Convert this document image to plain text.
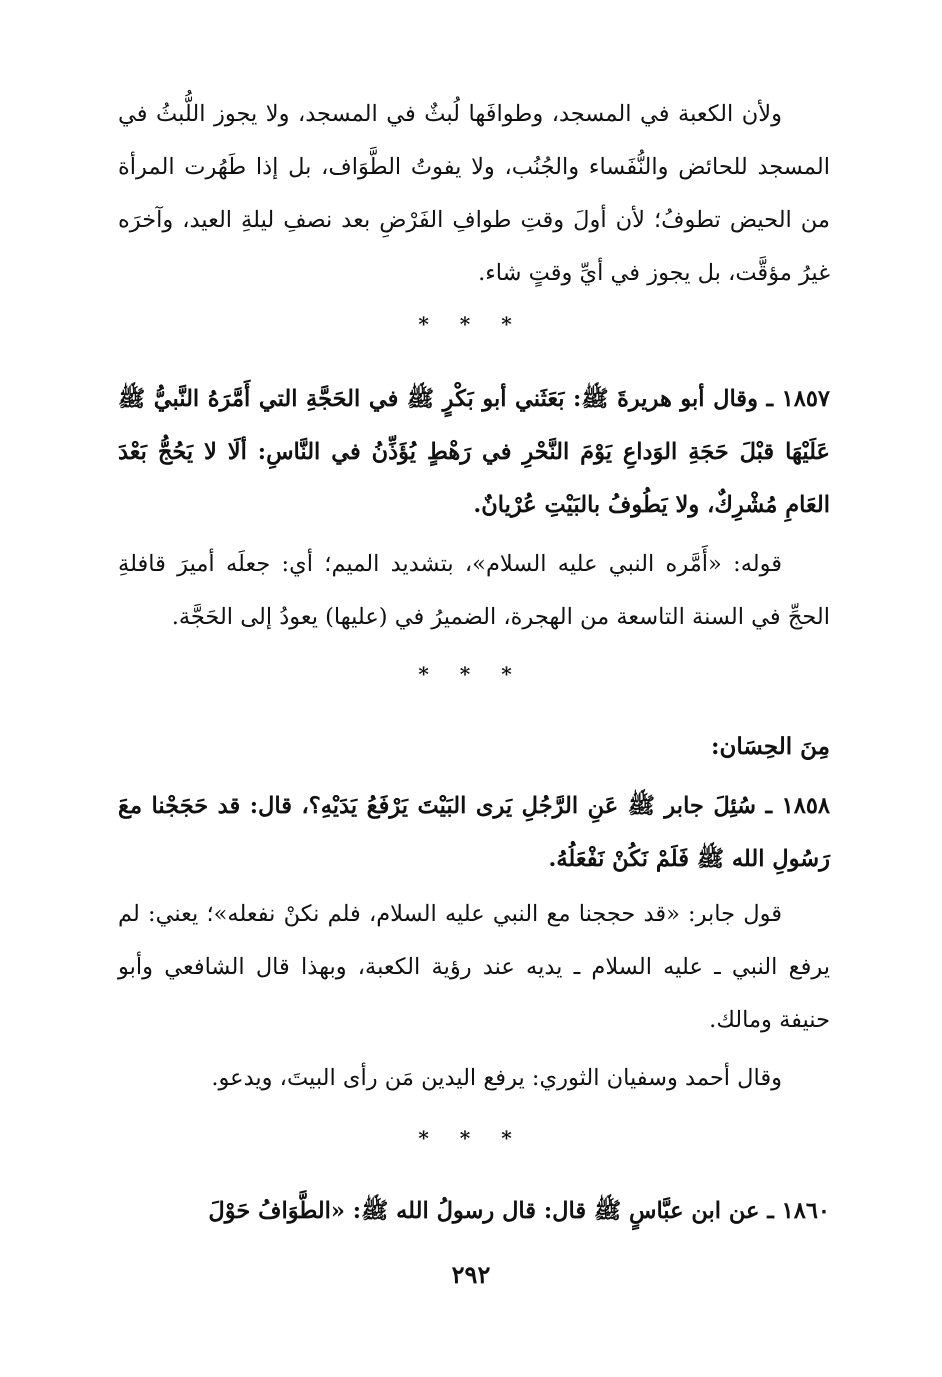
ولأن الكعبة في المسجد، وطوافَها لُبثٌ في المسجد، ولا يجوز اللُّبثُ في المسجد للحائض والنُّفَساء والجُنُب، ولا يفوتُ الطَّوَاف، بل إذا طَهُرت المرأة من الحيض تطوفُ؛ لأن أولَ وقتِ طوافِ الفَرْضِ بعد نصفِ ليلةِ العيد، وآخرَه غيرُ مؤقَّت، بل يجوز في أيِّ وقتٍ شاء.

* * *

١٨٥٧ ـ وقال أبو هريرةَ ﷺ: بَعَثَني أبو بَكْرٍ ﷺ في الحَجَّةِ التي أَمَّرَهُ النَّبيُّ ﷺ عَلَيْهَا قبْلَ حَجَةِ الوَداعِ يَوْمَ النَّحْرِ في رَهْطٍ يُؤَذِّنُ في النَّاسِ: ألَا لا يَحُجُّ بَعْدَ العَامِ مُشْرِكٌ، ولا يَطُوفُ بالبَيْتِ عُرْيانٌ.

قوله: «أَمَّره النبي عليه السلام»، بتشديد الميم؛ أي: جعلَه أميرَ قافلةِ الحجِّ في السنة التاسعة من الهجرة، الضميرُ في (عليها) يعودُ إلى الحَجَّة.

* * *
مِنَ الحِسَان:

١٨٥٨ ـ سُئِلَ جابر ﷺ عَنِ الرَّجُلِ يَرى البَيْتَ يَرْفَعُ يَدَيْهِ؟، قال: قد حَجَجْنا معَ رَسُولِ الله ﷺ فَلَمْ نَكُنْ نَفْعَلُهُ.

قول جابر: «قد حججنا مع النبي عليه السلام، فلم نكنْ نفعله»؛ يعني: لم يرفع النبي ـ عليه السلام ـ يديه عند رؤية الكعبة، وبهذا قال الشافعي وأبو حنيفة ومالك.

وقال أحمد وسفيان الثوري: يرفع اليدين مَن رأى البيتَ، ويدعو.

* * *

١٨٦٠ ـ عن ابن عبَّاسٍ ﷺ قال: قال رسولُ الله ﷺ: «الطَّوَافُ حَوْلَ

٢٩٢
